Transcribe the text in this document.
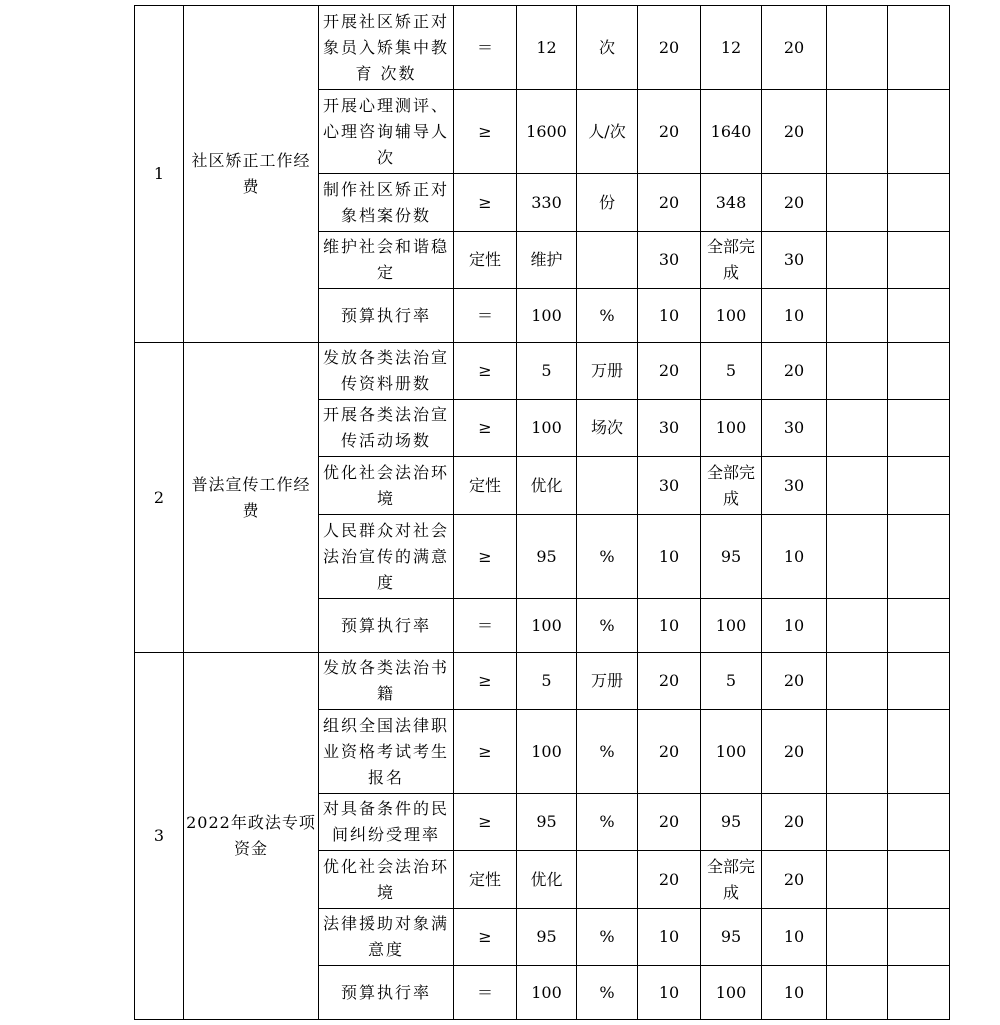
1	社区矫正工作经费	开展社区矫正对象员入矫集中教育 次数	＝	12	次	20	12	20		
		开展心理测评、心理咨询辅导人次	≥	1600	人/次	20	1640	20		
		制作社区矫正对象档案份数	≥	330	份	20	348	20		
		维护社会和谐稳定	定性	维护		30	全部完成	30		
		预算执行率	＝	100	%	10	100	10		
2	普法宣传工作经费	发放各类法治宣传资料册数	≥	5	万册	20	5	20		
		开展各类法治宣传活动场数	≥	100	场次	30	100	30		
		优化社会法治环境	定性	优化		30	全部完成	30		
		人民群众对社会法治宣传的满意度	≥	95	%	10	95	10		
		预算执行率	＝	100	%	10	100	10		
3	2022年政法专项资金	发放各类法治书籍	≥	5	万册	20	5	20		
		组织全国法律职业资格考试考生报名	≥	100	%	20	100	20		
		对具备条件的民间纠纷受理率	≥	95	%	20	95	20		
		优化社会法治环境	定性	优化		20	全部完成	20		
		法律援助对象满意度	≥	95	%	10	95	10		
		预算执行率	＝	100	%	10	100	10		
